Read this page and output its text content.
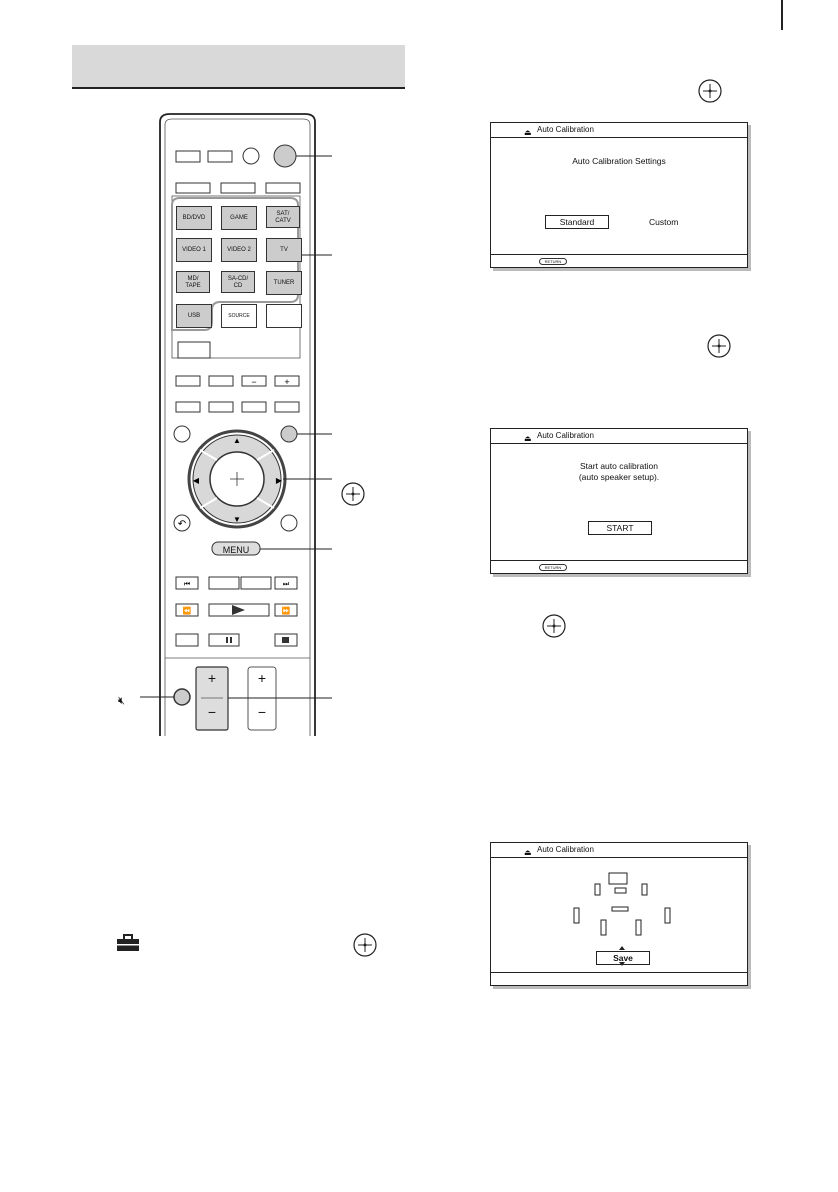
−	+
↶
▲
▼
◀	▶
⏮	⏭
⏪	⏩
BD/DVD	GAME
SAT/
CATV
VIDEO 1	VIDEO 2	TV
MD/
TAPE
SA-CD/
CD	TUNER
USB	SOURCE
MENU
+
−
+
−
🔇︎
⏏ Auto Calibration
Auto Calibration Settings
Standard	Custom
RETURN
⏏ Auto Calibration
Start auto calibration
(auto speaker setup).
START
RETURN
⏏ Auto Calibration
Save
